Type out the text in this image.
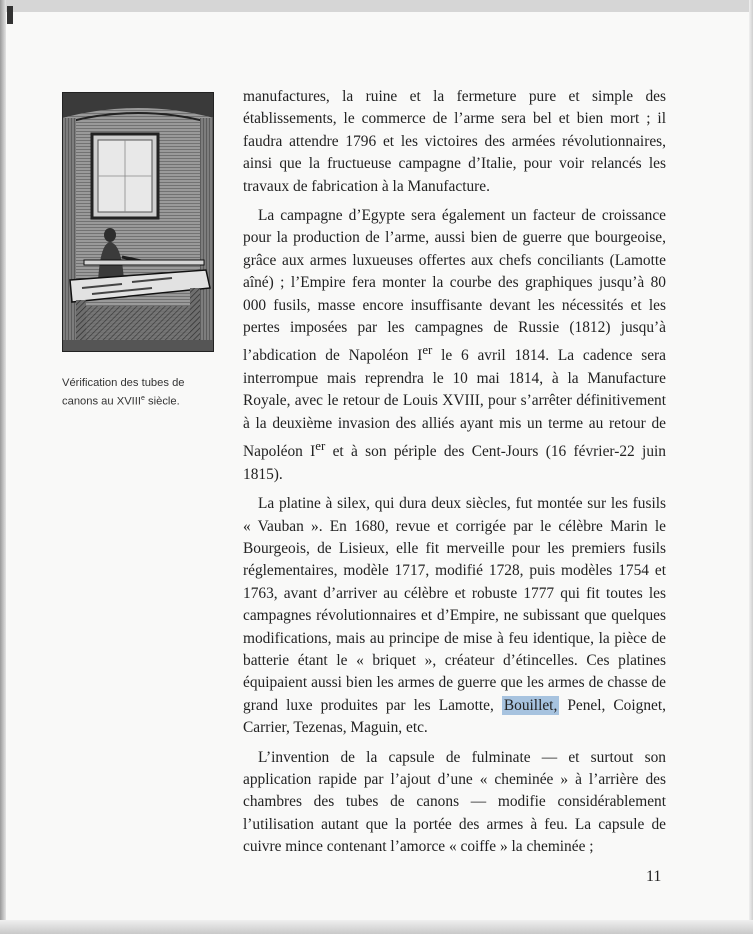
Vérification des tubes de
canons au XVIIIe siècle.

manufactures, la ruine et la fermeture pure et simple des établissements, le commerce de l’arme sera bel et bien mort ; il faudra attendre 1796 et les victoires des armées révolutionnaires, ainsi que la fructueuse campagne d’Italie, pour voir relancés les travaux de fabrication à la Manufacture.

La campagne d’Egypte sera également un facteur de croissance pour la production de l’arme, aussi bien de guerre que bourgeoise, grâce aux armes luxueuses offertes aux chefs conciliants (Lamotte aîné) ; l’Empire fera monter la courbe des graphiques jusqu’à 80 000 fusils, masse encore insuffisante devant les nécessités et les pertes imposées par les campagnes de Russie (1812) jusqu’à l’abdication de Napoléon Ier le 6 avril 1814. La cadence sera interrompue mais reprendra le 10 mai 1814, à la Manufacture Royale, avec le retour de Louis XVIII, pour s’arrêter définitivement à la deuxième invasion des alliés ayant mis un terme au retour de Napoléon Ier et à son périple des Cent-Jours (16 février-22 juin 1815).

La platine à silex, qui dura deux siècles, fut montée sur les fusils « Vauban ». En 1680, revue et corrigée par le célèbre Marin le Bourgeois, de Lisieux, elle fit merveille pour les premiers fusils réglementaires, modèle 1717, modifié 1728, puis modèles 1754 et 1763, avant d’arriver au célèbre et robuste 1777 qui fit toutes les campagnes révolutionnaires et d’Empire, ne subissant que quelques modifications, mais au principe de mise à feu identique, la pièce de batterie étant le « briquet », créateur d’étincelles. Ces platines équipaient aussi bien les armes de guerre que les armes de chasse de grand luxe produites par les Lamotte, Bouillet, Penel, Coignet, Carrier, Tezenas, Maguin, etc.

L’invention de la capsule de fulminate — et surtout son application rapide par l’ajout d’une « cheminée » à l’arrière des chambres des tubes de canons — modifie considérablement l’utilisation autant que la portée des armes à feu. La capsule de cuivre mince contenant l’amorce « coiffe » la cheminée ;

11
